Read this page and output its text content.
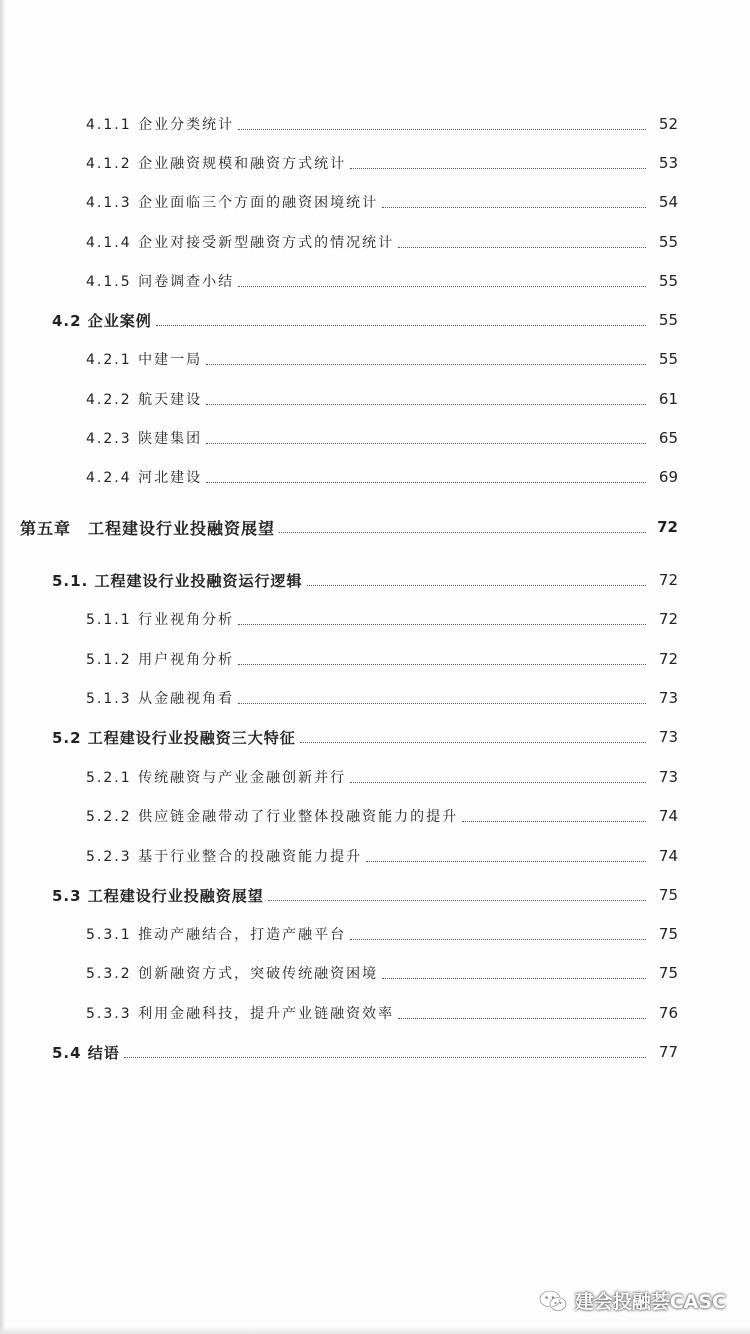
4.1.1 企业分类统计	52
4.1.2 企业融资规模和融资方式统计	53
4.1.3 企业面临三个方面的融资困境统计	54
4.1.4 企业对接受新型融资方式的情况统计	55
4.1.5 问卷调查小结	55
4.2 企业案例	55
4.2.1 中建一局	55
4.2.2 航天建设	61
4.2.3 陕建集团	65
4.2.4 河北建设	69
第五章　工程建设行业投融资展望	72
5.1. 工程建设行业投融资运行逻辑	72
5.1.1 行业视角分析	72
5.1.2 用户视角分析	72
5.1.3 从金融视角看	73
5.2 工程建设行业投融资三大特征	73
5.2.1 传统融资与产业金融创新并行	73
5.2.2 供应链金融带动了行业整体投融资能力的提升	74
5.2.3 基于行业整合的投融资能力提升	74
5.3 工程建设行业投融资展望	75
5.3.1 推动产融结合，打造产融平台	75
5.3.2 创新融资方式，突破传统融资困境	75
5.3.3 利用金融科技，提升产业链融资效率	76
5.4 结语	77
建会投融荟CASC
